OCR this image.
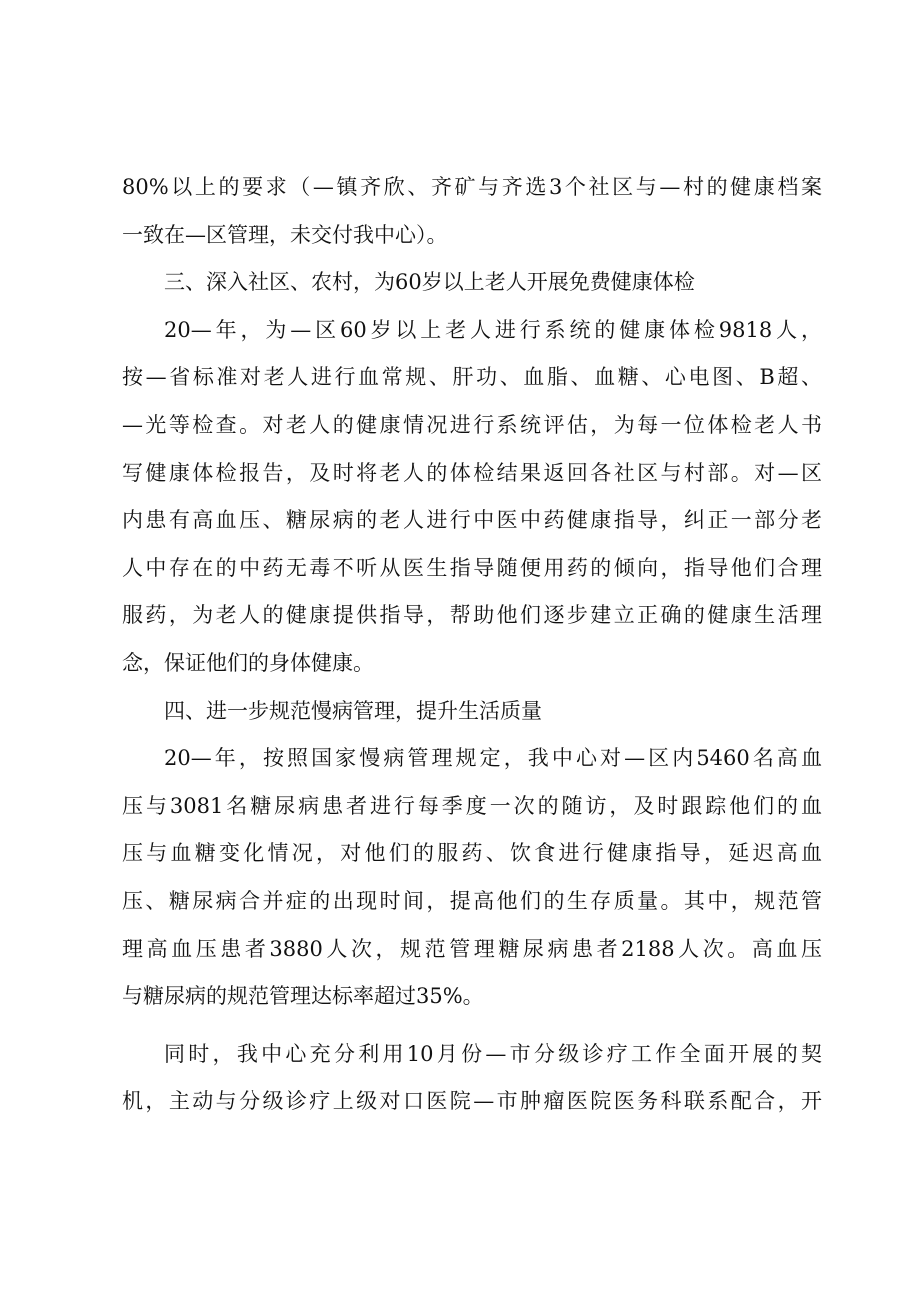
80%以上的要求（—镇齐欣、齐矿与齐选3个社区与—村的健康档案
一致在—区管理，未交付我中心）。
三、深入社区、农村，为60岁以上老人开展免费健康体检
20—年，为—区60岁以上老人进行系统的健康体检9818人，
按—省标准对老人进行血常规、肝功、血脂、血糖、心电图、B超、
—光等检查。对老人的健康情况进行系统评估，为每一位体检老人书
写健康体检报告，及时将老人的体检结果返回各社区与村部。对—区
内患有高血压、糖尿病的老人进行中医中药健康指导，纠正一部分老
人中存在的中药无毒不听从医生指导随便用药的倾向，指导他们合理
服药，为老人的健康提供指导，帮助他们逐步建立正确的健康生活理
念，保证他们的身体健康。
四、进一步规范慢病管理，提升生活质量
20—年，按照国家慢病管理规定，我中心对—区内5460名高血
压与3081名糖尿病患者进行每季度一次的随访，及时跟踪他们的血
压与血糖变化情况，对他们的服药、饮食进行健康指导，延迟高血
压、糖尿病合并症的出现时间，提高他们的生存质量。其中，规范管
理高血压患者3880人次，规范管理糖尿病患者2188人次。高血压
与糖尿病的规范管理达标率超过35%。
同时，我中心充分利用10月份—市分级诊疗工作全面开展的契
机，主动与分级诊疗上级对口医院—市肿瘤医院医务科联系配合，开
